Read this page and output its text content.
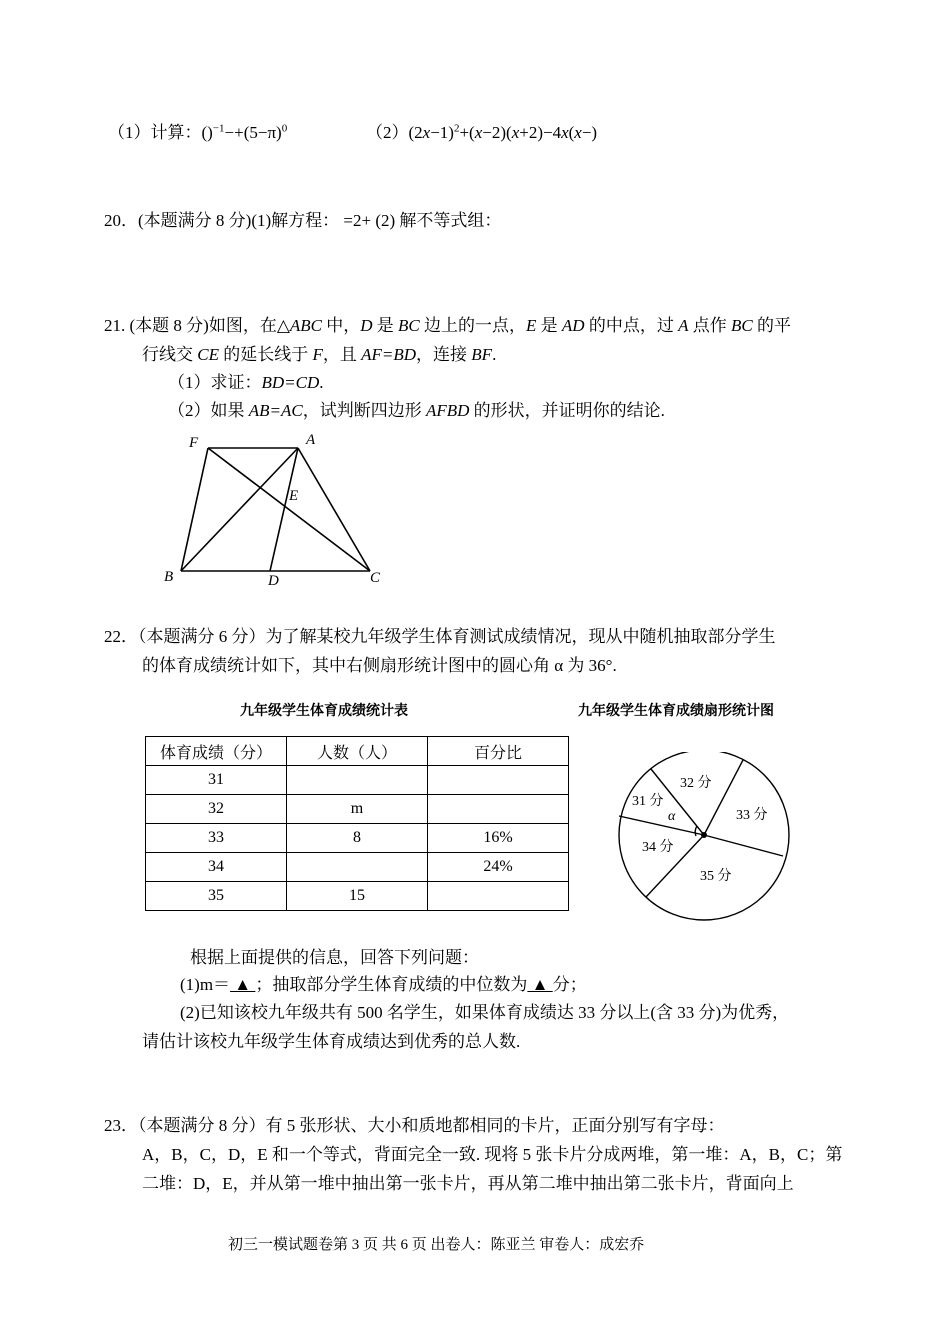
（1）计算：$()^{-1}-+(5-\pi)^0$	$(2)(2x-1)^2+(x-2)(x+2)-4x(x-)$
20．(本题满分 8 分)(1)解方程： =2+ (2) 解不等式组：
21. (本题 8 分)如图，在△ABC 中，D 是 BC 边上的一点，E 是 AD 的中点，过 A 点作 BC 的平
行线交 CE 的延长线于 F，且 AF=BD，连接 BF.
（1）求证：BD=CD.
（2）如果 AB=AC，试判断四边形 AFBD 的形状，并证明你的结论.
F	A
E
B	D	C
22．（本题满分 6 分）为了解某校九年级学生体育测试成绩情况，现从中随机抽取部分学生
的体育成绩统计如下，其中右侧扇形统计图中的圆心角 α 为 36°.
九年级学生体育成绩统计表	九年级学生体育成绩扇形统计图
体育成绩（分）	人数（人）	百分比
31		
32	m	
33	8	16%
34		24%
35	15	
32 分
31 分
33 分
34 分
35 分
α
根据上面提供的信息，回答下列问题：
(1)m＝ ▲ ；抽取部分学生体育成绩的中位数为 ▲ 分；
(2)已知该校九年级共有 500 名学生，如果体育成绩达 33 分以上(含 33 分)为优秀，
请估计该校九年级学生体育成绩达到优秀的总人数.
23．（本题满分 8 分）有 5 张形状、大小和质地都相同的卡片，正面分别写有字母：
A，B，C，D，E 和一个等式，背面完全一致. 现将 5 张卡片分成两堆，第一堆：A，B，C；第
二堆：D，E，并从第一堆中抽出第一张卡片，再从第二堆中抽出第二张卡片，背面向上
初三一模试题卷第 3 页 共 6 页 出卷人：陈亚兰 审卷人：成宏乔
